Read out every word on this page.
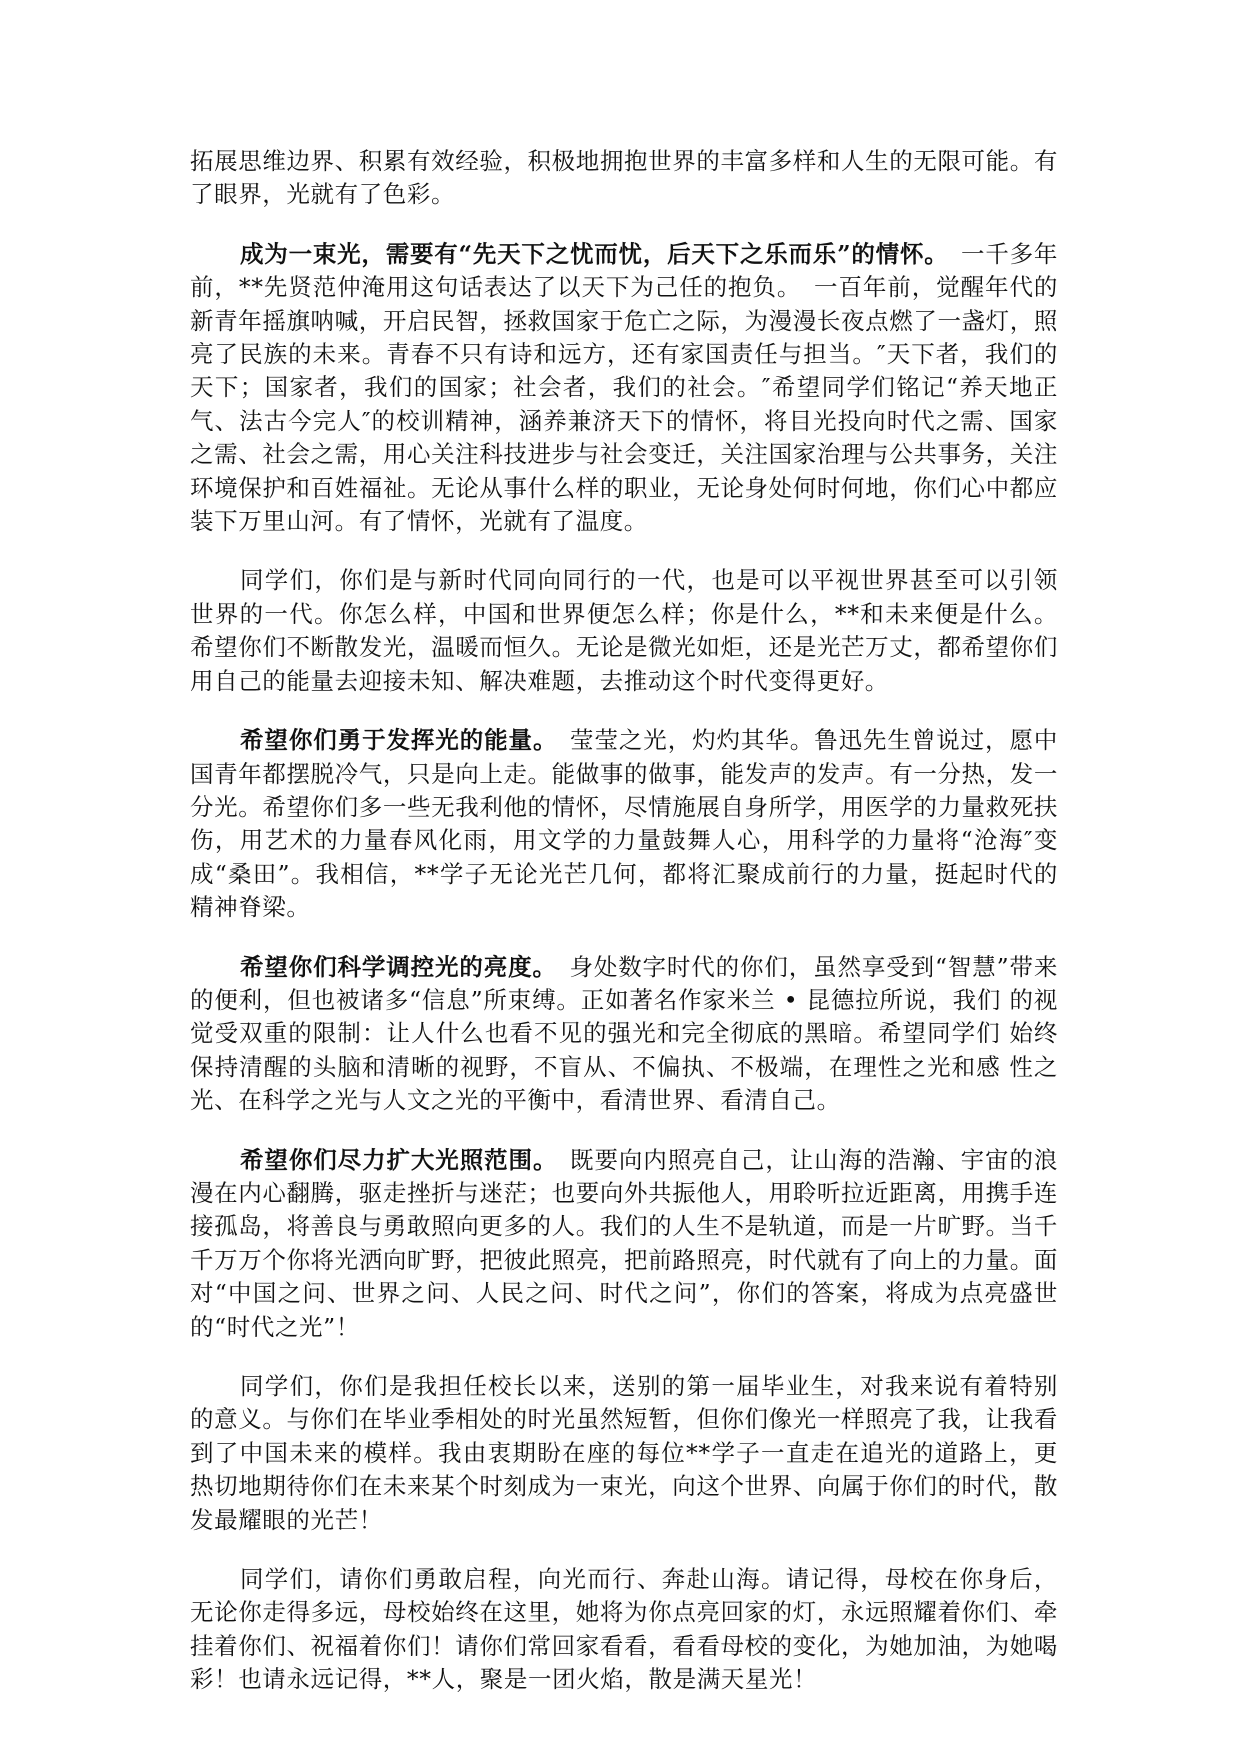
拓展思维边界、积累有效经验，积极地拥抱世界的丰富多样和人生的无限可能。有了眼界，光就有了色彩。

成为一束光，需要有“先天下之忧而忧，后天下之乐而乐”的情怀。　一千多年前，**先贤范仲淹用这句话表达了以天下为己任的抱负。　一百年前，觉醒年代的新青年摇旗呐喊，开启民智，拯救国家于危亡之际，为漫漫长夜点燃了一盏灯，照亮了民族的未来。青春不只有诗和远方，还有家国责任与担当。″天下者，我们的天下；国家者，我们的国家；社会者，我们的社会。″希望同学们铭记“养天地正气、法古今完人″的校训精神，涵养兼济天下的情怀，将目光投向时代之需、国家之需、社会之需，用心关注科技进步与社会变迁，关注国家治理与公共事务，关注环境保护和百姓福祉。无论从事什么样的职业，无论身处何时何地，你们心中都应装下万里山河。有了情怀，光就有了温度。

同学们，你们是与新时代同向同行的一代，也是可以平视世界甚至可以引领世界的一代。你怎么样，中国和世界便怎么样；你是什么，**和未来便是什么。希望你们不断散发光，温暖而恒久。无论是微光如炬，还是光芒万丈，都希望你们用自己的能量去迎接未知、解决难题，去推动这个时代变得更好。

希望你们勇于发挥光的能量。　莹莹之光，灼灼其华。鲁迅先生曾说过，愿中国青年都摆脱冷气，只是向上走。能做事的做事，能发声的发声。有一分热，发一分光。希望你们多一些无我利他的情怀，尽情施展自身所学，用医学的力量救死扶伤，用艺术的力量春风化雨，用文学的力量鼓舞人心，用科学的力量将“沧海″变成“桑田”。我相信，**学子无论光芒几何，都将汇聚成前行的力量，挺起时代的精神脊梁。

希望你们科学调控光的亮度。　身处数字时代的你们，虽然享受到“智慧”带来的便利，但也被诸多“信息”所束缚。正如著名作家米兰 • 昆德拉所说，我们 的视觉受双重的限制：让人什么也看不见的强光和完全彻底的黑暗。希望同学们 始终保持清醒的头脑和清晰的视野，不盲从、不偏执、不极端，在理性之光和感 性之光、在科学之光与人文之光的平衡中，看清世界、看清自己。

希望你们尽力扩大光照范围。　既要向内照亮自己，让山海的浩瀚、宇宙的浪漫在内心翻腾，驱走挫折与迷茫；也要向外共振他人，用聆听拉近距离，用携手连接孤岛，将善良与勇敢照向更多的人。我们的人生不是轨道，而是一片旷野。当千千万万个你将光洒向旷野，把彼此照亮，把前路照亮，时代就有了向上的力量。面对“中国之问、世界之问、人民之问、时代之问”，你们的答案，将成为点亮盛世的“时代之光”！

同学们，你们是我担任校长以来，送别的第一届毕业生，对我来说有着特别的意义。与你们在毕业季相处的时光虽然短暂，但你们像光一样照亮了我，让我看到了中国未来的模样。我由衷期盼在座的每位**学子一直走在追光的道路上，更热切地期待你们在未来某个时刻成为一束光，向这个世界、向属于你们的时代，散发最耀眼的光芒！

同学们，请你们勇敢启程，向光而行、奔赴山海。请记得，母校在你身后，无论你走得多远，母校始终在这里，她将为你点亮回家的灯，永远照耀着你们、牵挂着你们、祝福着你们！请你们常回家看看，看看母校的变化，为她加油，为她喝彩！也请永远记得，**人，聚是一团火焰，散是满天星光！
